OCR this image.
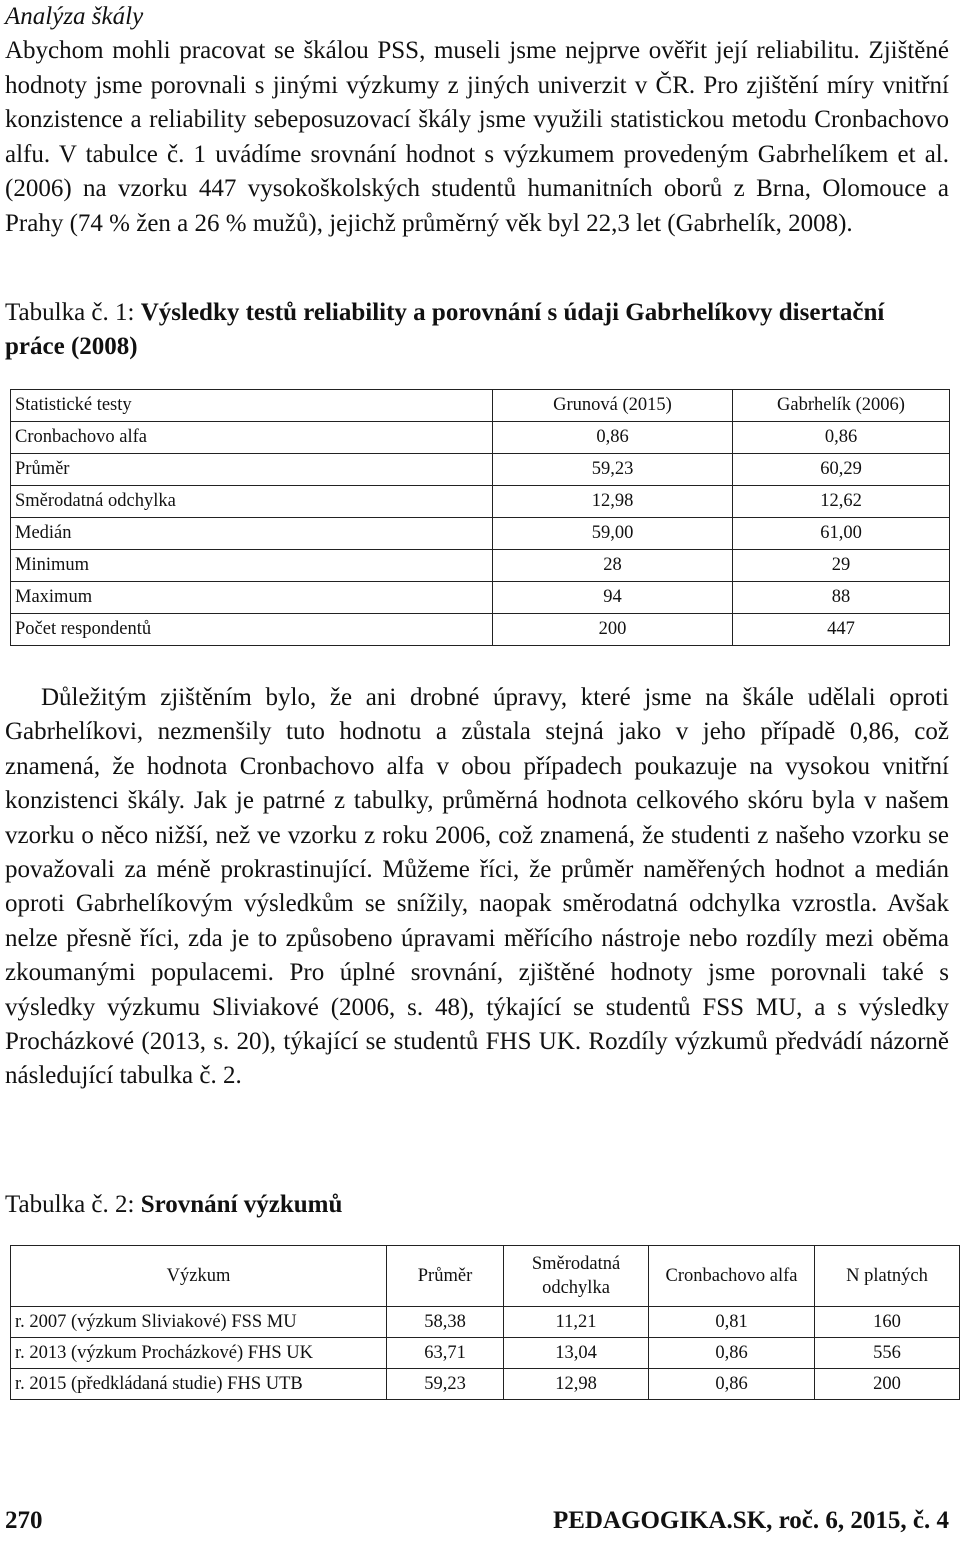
Analýza škály
Abychom mohli pracovat se škálou PSS, museli jsme nejprve ověřit její reliabilitu. Zjištěné hodnoty jsme porovnali s jinými výzkumy z jiných univerzit v ČR. Pro zjištění míry vnitřní konzistence a reliability sebeposuzovací škály jsme využili statistickou metodu Cronbachovo alfu. V tabulce č. 1 uvádíme srovnání hodnot s výzkumem provedeným Gabrhelíkem et al. (2006) na vzorku 447 vysokoškolských studentů humanitních oborů z Brna, Olomouce a Prahy (74 % žen a 26 % mužů), jejichž průměrný věk byl 22,3 let (Gabrhelík, 2008).
Tabulka č. 1: Výsledky testů reliability a porovnání s údaji Gabrhelíkovy disertační práce (2008)
Statistické testy	Grunová (2015)	Gabrhelík (2006)
Cronbachovo alfa	0,86	0,86
Průměr	59,23	60,29
Směrodatná odchylka	12,98	12,62
Medián	59,00	61,00
Minimum	28	29
Maximum	94	88
Počet respondentů	200	447
Důležitým zjištěním bylo, že ani drobné úpravy, které jsme na škále udělali oproti Gabrhelíkovi, nezmenšily tuto hodnotu a zůstala stejná jako v jeho případě 0,86, což znamená, že hodnota Cronbachovo alfa v obou případech poukazuje na vysokou vnitřní konzistenci škály. Jak je patrné z tabulky, průměrná hodnota celkového skóru byla v našem vzorku o něco nižší, než ve vzorku z roku 2006, což znamená, že studenti z našeho vzorku se považovali za méně prokrastinující. Můžeme říci, že průměr naměřených hodnot a medián oproti Gabrhelíkovým výsledkům se snížily, naopak směrodatná odchylka vzrostla. Avšak nelze přesně říci, zda je to způsobeno úpravami měřícího nástroje nebo rozdíly mezi oběma zkoumanými populacemi. Pro úplné srovnání, zjištěné hodnoty jsme porovnali také s výsledky výzkumu Sliviakové (2006, s. 48), týkající se studentů FSS MU, a s výsledky Procházkové (2013, s. 20), týkající se studentů FHS UK. Rozdíly výzkumů předvádí názorně následující tabulka č. 2.
Tabulka č. 2: Srovnání výzkumů
Výzkum	Průměr	Směrodatná odchylka	Cronbachovo alfa	N platných
r. 2007 (výzkum Sliviakové) FSS MU	58,38	11,21	0,81	160
r. 2013 (výzkum Procházkové) FHS UK	63,71	13,04	0,86	556
r. 2015 (předkládaná studie) FHS UTB	59,23	12,98	0,86	200
270	PEDAGOGIKA.SK, roč. 6, 2015, č. 4
